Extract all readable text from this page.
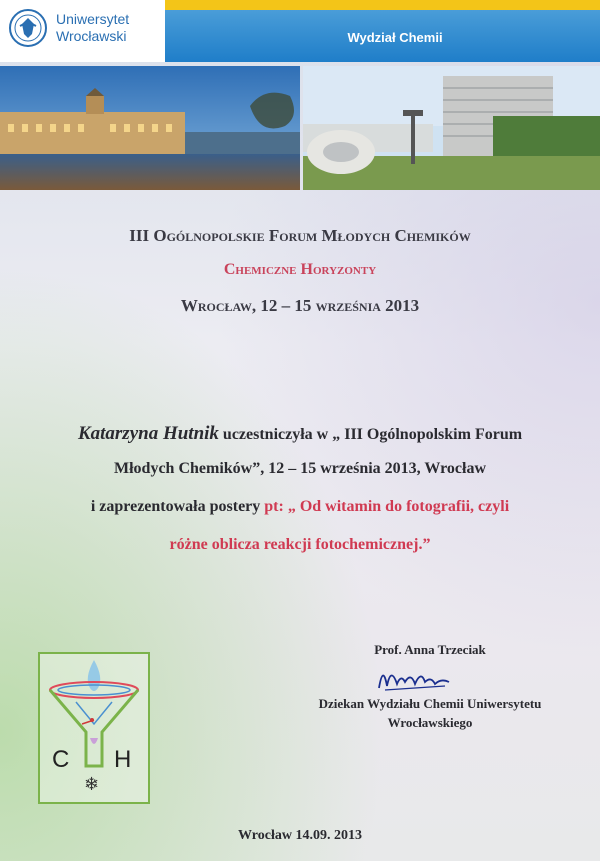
Uniwersytet
Wrocławski	Wydział Chemii
III Ogólnopolskie Forum Młodych Chemików
Chemiczne Horyzonty
Wrocław, 12 – 15 września 2013
Katarzyna Hutnik uczestniczyła w „ III Ogólnopolskim Forum
Młodych Chemików”, 12 – 15 września 2013, Wrocław
i zaprezentowała postery pt: „ Od witamin do fotografii, czyli
różne oblicza reakcji fotochemicznej.”
Prof. Anna Trzeciak
Dziekan Wydziału Chemii Uniwersytetu
Wrocławskiego
C H
❄
Wrocław 14.09. 2013
